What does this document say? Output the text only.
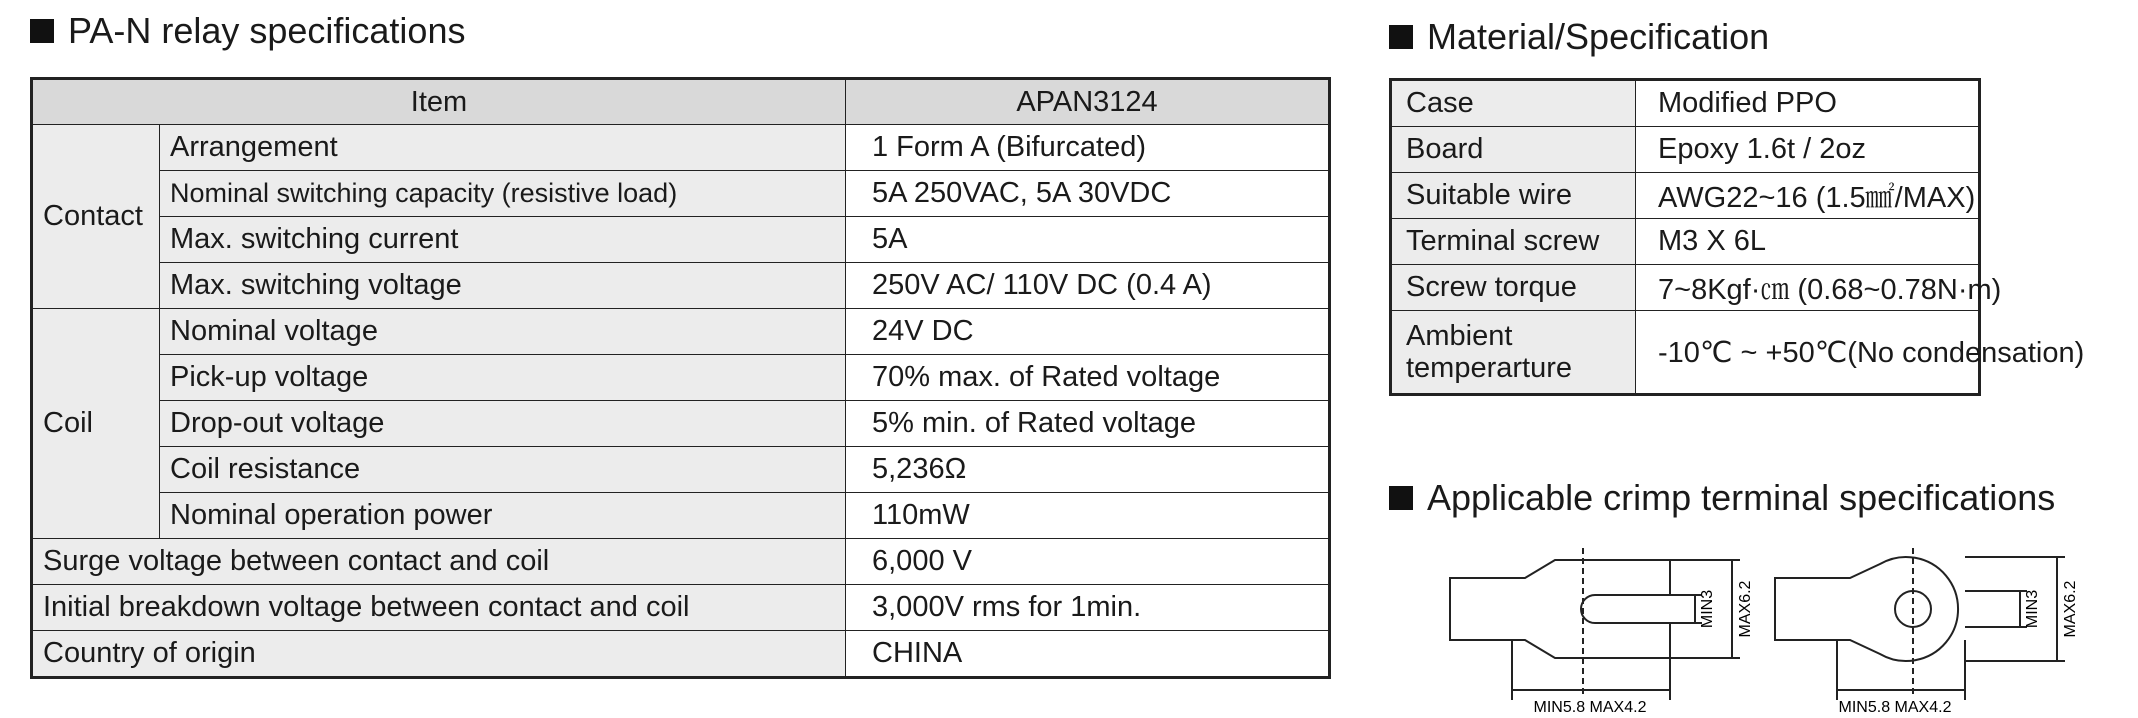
PA-N relay specifications
Item		APAN3124
Contact	Arrangement	1 Form A (Bifurcated)
	Nominal switching capacity (resistive load)	5A 250VAC, 5A 30VDC
	Max. switching current	5A
	Max. switching voltage	250V AC/ 110V DC (0.4 A)
Coil	Nominal voltage	24V DC
	Pick-up voltage	70% max. of Rated voltage
	Drop-out voltage	5% min. of Rated voltage
	Coil resistance	5,236Ω
	Nominal operation power	110mW
Surge voltage between contact and coil		6,000 V
Initial breakdown voltage between contact and coil		3,000V rms for 1min.
Country of origin		CHINA
Material/Specification
Case	Modified PPO
Board	Epoxy 1.6t / 2oz
Suitable wire	AWG22~16 (1.5㎟/MAX)
Terminal screw	M3 X 6L
Screw torque	7~8Kgf·㎝ (0.68~0.78N·m)
Ambient temperarture	-10℃ ~ +50℃(No condensation)
Applicable crimp terminal specifications
MIN3 MAX6.2
MIN5.8 MAX4.2
MIN3 MAX6.2
MIN5.8 MAX4.2
